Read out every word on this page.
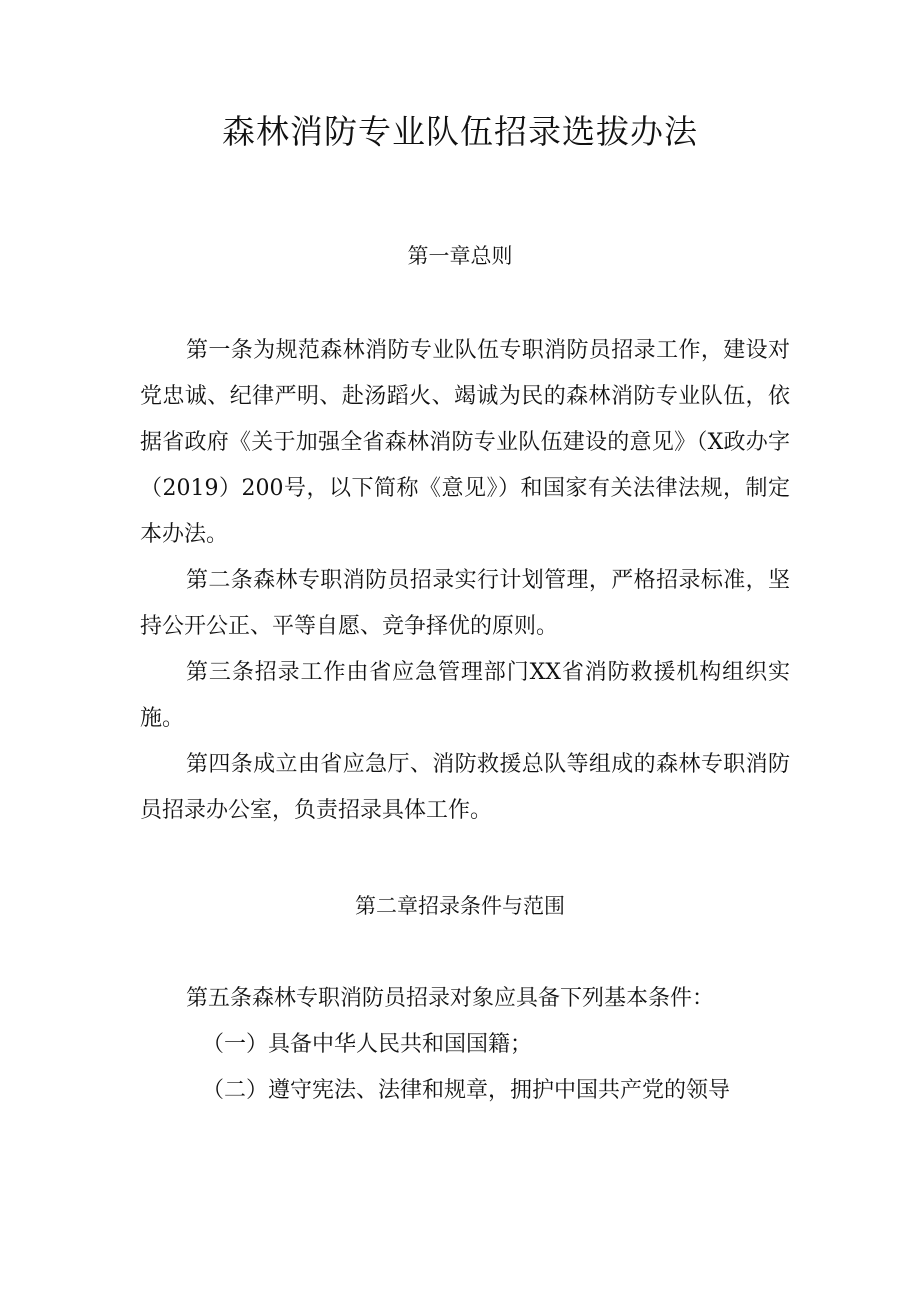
森林消防专业队伍招录选拔办法
第一章总则

第一条为规范森林消防专业队伍专职消防员招录工作，建设对党忠诚、纪律严明、赴汤蹈火、竭诚为民的森林消防专业队伍，依据省政府《关于加强全省森林消防专业队伍建设的意见》（X政办字（2019）200号，以下简称《意见》）和国家有关法律法规，制定本办法。

第二条森林专职消防员招录实行计划管理，严格招录标准，坚持公开公正、平等自愿、竞争择优的原则。

第三条招录工作由省应急管理部门XX省消防救援机构组织实施。

第四条成立由省应急厅、消防救援总队等组成的森林专职消防员招录办公室，负责招录具体工作。

第二章招录条件与范围

第五条森林专职消防员招录对象应具备下列基本条件：

（一）具备中华人民共和国国籍；

（二）遵守宪法、法律和规章，拥护中国共产党的领导
